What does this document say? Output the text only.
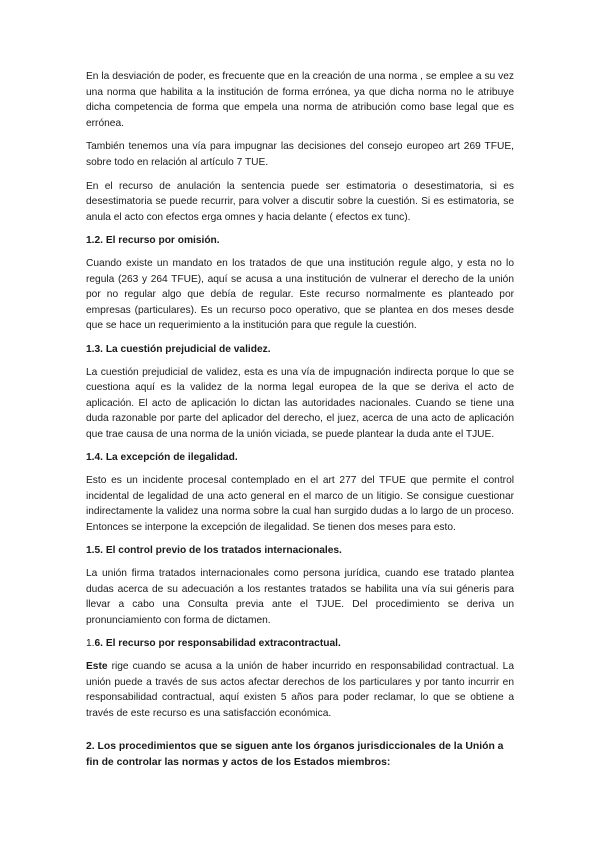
En la desviación de poder, es frecuente que en la creación de una norma , se emplee a su vez una norma que habilita a la institución de forma errónea, ya que dicha norma no le atribuye dicha competencia de forma que empela una norma de atribución como base legal que es errónea.

También tenemos una vía para impugnar las decisiones del consejo europeo art 269 TFUE, sobre todo en relación al artículo 7 TUE.

En el recurso de anulación la sentencia puede ser estimatoria o desestimatoria, si es desestimatoria se puede recurrir, para volver a discutir sobre la cuestión. Si es estimatoria, se anula el acto con efectos erga omnes y hacia delante ( efectos ex tunc).

1.2. El recurso por omisión.

Cuando existe un mandato en los tratados de que una institución regule algo, y esta no lo regula (263 y 264 TFUE), aquí se acusa a una institución de vulnerar el derecho de la unión por no regular algo que debía de regular. Este recurso normalmente es planteado por empresas (particulares). Es un recurso poco operativo, que se plantea en dos meses desde que se hace un requerimiento a la institución para que regule la cuestión.

1.3. La cuestión prejudicial de validez.

La cuestión prejudicial de validez, esta es una vía de impugnación indirecta porque lo que se cuestiona aquí es la validez de la norma legal europea de la que se deriva el acto de aplicación. El acto de aplicación lo dictan las autoridades nacionales. Cuando se tiene una duda razonable por parte del aplicador del derecho, el juez, acerca de una acto de aplicación que trae causa de una norma de la unión viciada, se puede plantear la duda ante el TJUE.

1.4. La excepción de ilegalidad.

Esto es un incidente procesal contemplado en el art 277 del TFUE que permite el control incidental de legalidad de una acto general en el marco de un litigio. Se consigue cuestionar indirectamente la validez una norma sobre la cual han surgido dudas a lo largo de un proceso. Entonces se interpone la excepción de ilegalidad. Se tienen dos meses para esto.

1.5. El control previo de los tratados internacionales.

La unión firma tratados internacionales como persona jurídica, cuando ese tratado plantea dudas acerca de su adecuación a los restantes tratados se habilita una vía sui géneris para llevar a cabo una Consulta previa ante el TJUE. Del procedimiento se deriva un pronunciamiento con forma de dictamen.

1.6. El recurso por responsabilidad extracontractual.

Este rige cuando se acusa a la unión de haber incurrido en responsabilidad contractual. La unión puede a través de sus actos afectar derechos de los particulares y por tanto incurrir en responsabilidad contractual, aquí existen 5 años para poder reclamar, lo que se obtiene a través de este recurso es una satisfacción económica.

2. Los procedimientos que se siguen ante los órganos jurisdiccionales de la Unión a fin de controlar las normas y actos de los Estados miembros:
